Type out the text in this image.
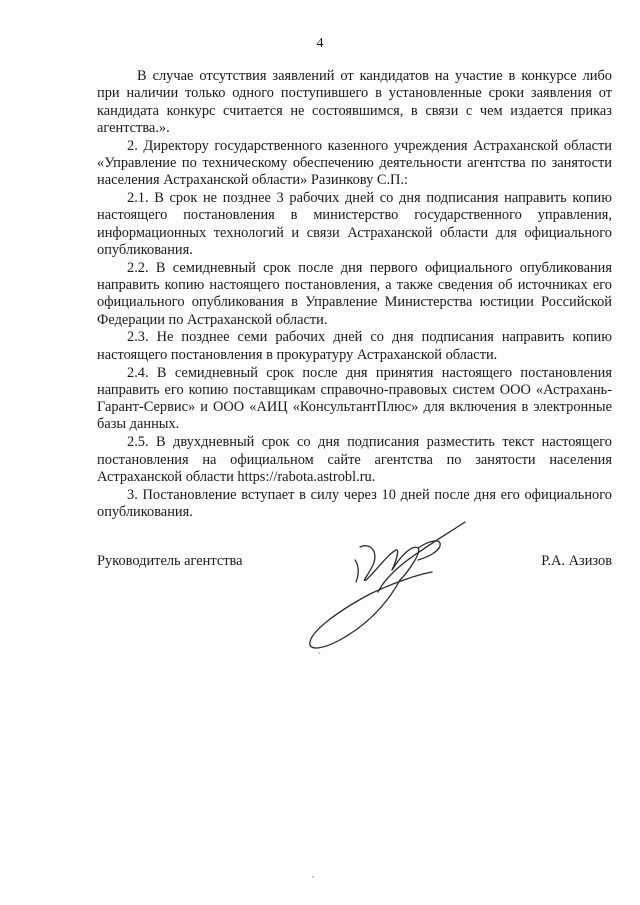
4

В случае отсутствия заявлений от кандидатов на участие в конкурсе либо при наличии только одного поступившего в установленные сроки заявления от кандидата конкурс считается не состоявшимся, в связи с чем издается приказ агентства.».

2. Директору государственного казенного учреждения Астраханской области «Управление по техническому обеспечению деятельности агентства по занятости населения Астраханской области» Разинкову С.П.:

2.1. В срок не позднее 3 рабочих дней со дня подписания направить копию настоящего постановления в министерство государственного управления, информационных технологий и связи Астраханской области для официального опубликования.

2.2. В семидневный срок после дня первого официального опубликования направить копию настоящего постановления, а также сведения об источниках его официального опубликования в Управление Министерства юстиции Российской Федерации по Астраханской области.

2.3. Не позднее семи рабочих дней со дня подписания направить копию настоящего постановления в прокуратуру Астраханской области.

2.4. В семидневный срок после дня принятия настоящего постановления направить его копию поставщикам справочно-правовых систем ООО «Астрахань-Гарант-Сервис» и ООО «АИЦ «КонсультантПлюс» для включения в электронные базы данных.

2.5. В двухдневный срок со дня подписания разместить текст настоящего постановления на официальном сайте агентства по занятости населения Астраханской области https://rabota.astrobl.ru.

3. Постановление вступает в силу через 10 дней после дня его официального опубликования.

Руководитель агентства	Р.А. Азизов
